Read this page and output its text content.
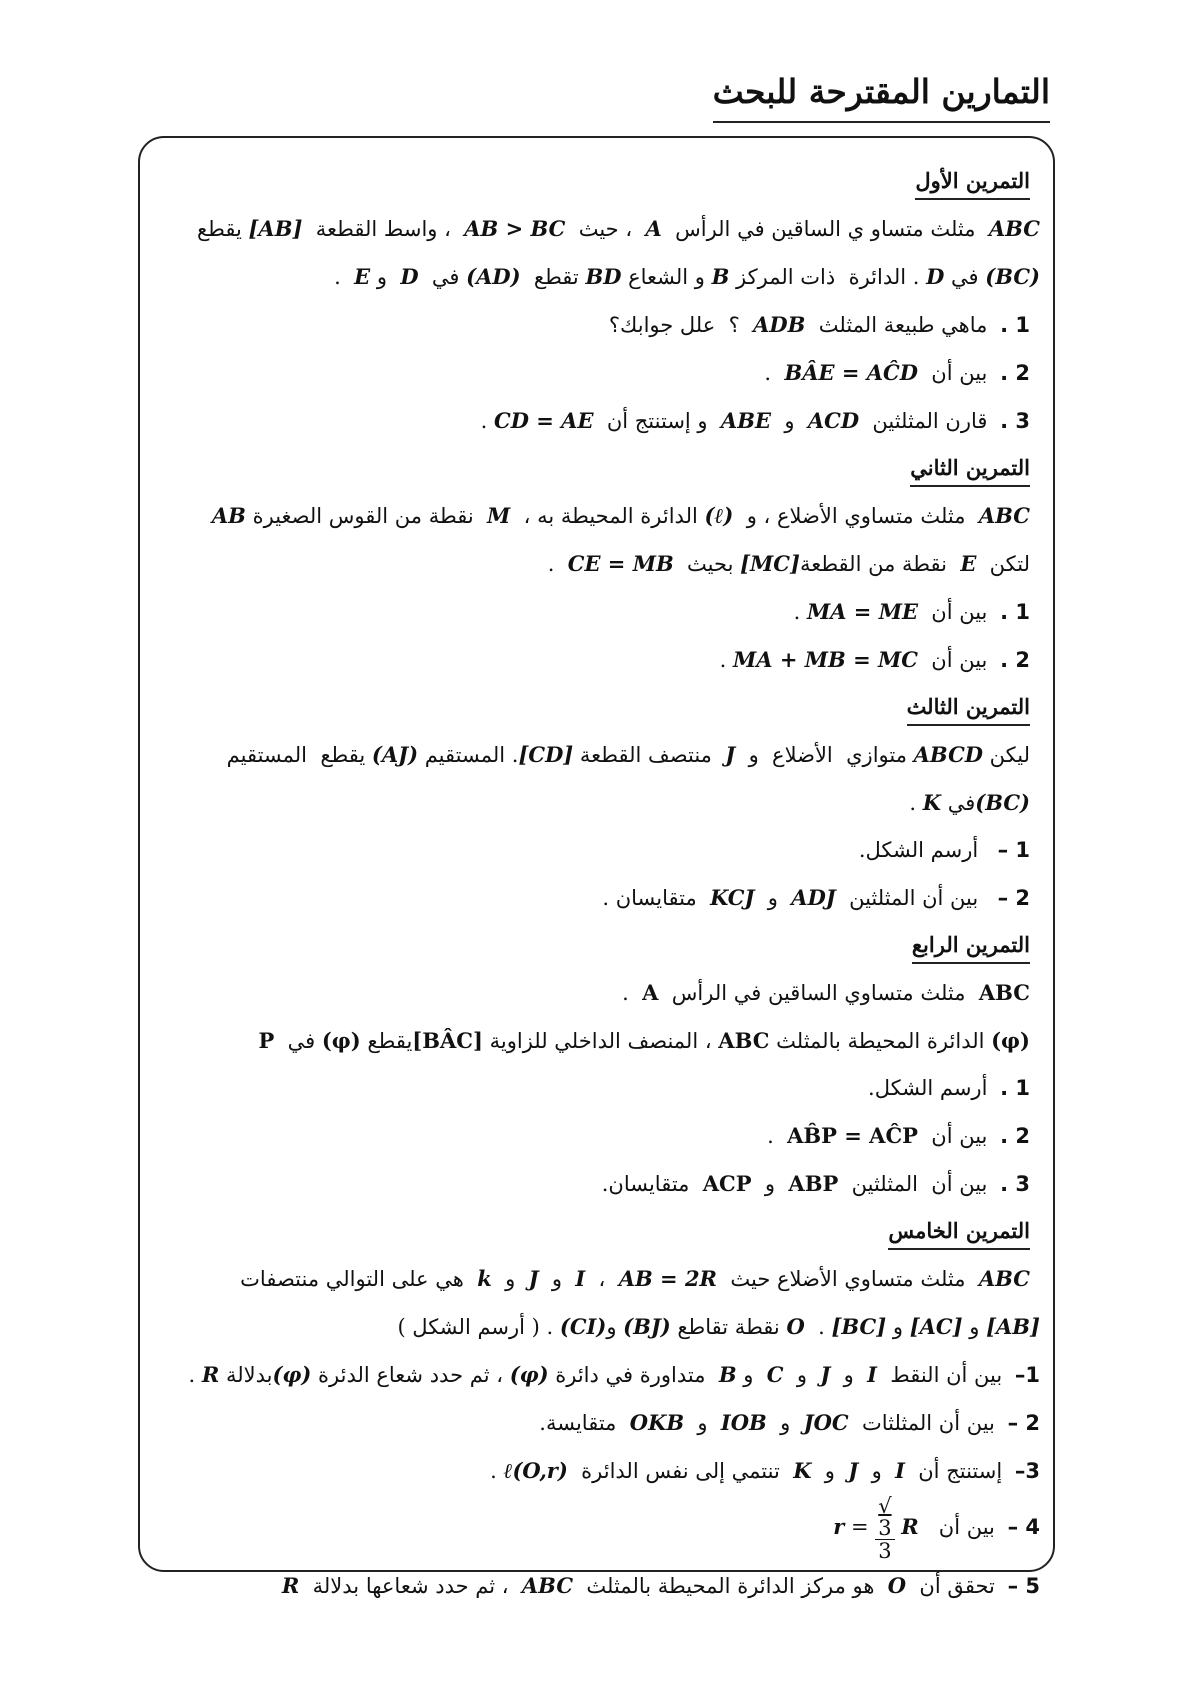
التمارين المقترحة للبحث
التمرين الأول
ABC  مثلث متساو ي الساقين في الرأس  A  ، حيث  AB > BC  ، واسط القطعة  [AB] يقطع
(BC) في D . الدائرة  ذات المركز B و الشعاع BD تقطع  (AD) في  D  و E  .
1 . ماهي طبيعة المثلث  ADB  ؟  علل جوابك؟
2 . بين أن  BÂE = AĈD  .
3 . قارن المثلثين  ACD  و  ABE  و إستنتج أن  CD = AE .
التمرين الثاني
ABC  مثلث متساوي الأضلاع ، و  (ℓ) الدائرة المحيطة به ،  M  نقطة من القوس الصغيرة AB
لتكن  E  نقطة من القطعة[MC] بحيث  CE = MB  .
1 . بين أن  MA = ME .
2 . بين أن  MA + MB = MC .
التمرين الثالث
ليكن ABCD متوازي  الأضلاع  و  J  منتصف القطعة [CD]. المستقيم (AJ) يقطع  المستقيم
(BC)في K .
1 –  أرسم الشكل.
2 –  بين أن المثلثين  ADJ  و  KCJ  متقايسان .
التمرين الرابع
ABC  مثلث متساوي الساقين في الرأس  A  .
(φ) الدائرة المحيطة بالمثلث ABC ، المنصف الداخلي للزاوية [BÂC]يقطع (φ) في  P
1 . أرسم الشكل.
2 . بين أن  AB̂P = AĈP  .
3 . بين أن  المثلثين  ABP  و  ACP  متقايسان.
التمرين الخامس
ABC  مثلث متساوي الأضلاع حيث  AB = 2R  ،  I  و  J  و  k  هي على التوالي منتصفات
[AB] و [AC] و [BC] .  O نقطة تقاطع (BJ) و(CI) . ( أرسم الشكل )
1– بين أن النقط  I  و  J  و  C  و B  متداورة في دائرة (φ) ، ثم حدد شعاع الدئرة (φ)بدلالة R .
2 – بين أن المثلثات  JOC  و  IOB  و  OKB  متقايسة.
3– إستنتج أن  I  و  J  و  K  تنتمي إلى نفس الدائرة  ℓ(O,r) .
4 – بين أن   r = √
3
3 R
5 – تحقق أن  O  هو مركز الدائرة المحيطة بالمثلث  ABC  ، ثم حدد شعاعها بدلالة  R
